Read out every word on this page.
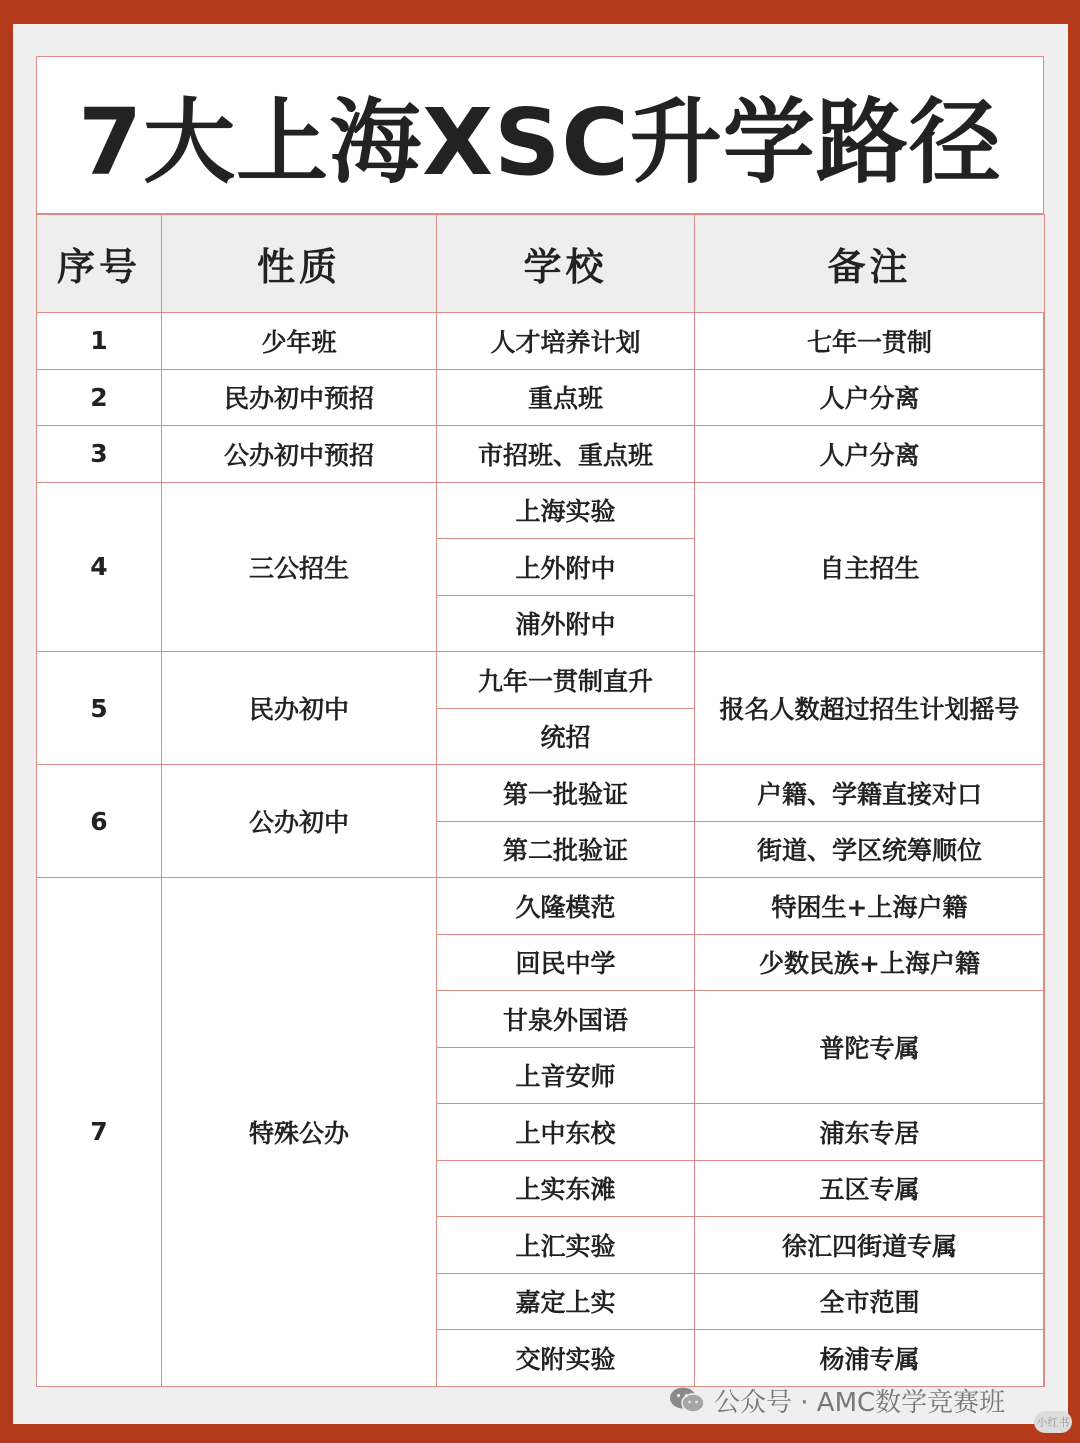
7大上海XSC升学路径
序号	性质	学校	备注
1	少年班	人才培养计划	七年一贯制
2	民办初中预招	重点班	人户分离
3	公办初中预招	市招班、重点班	人户分离
4	三公招生	上海实验	自主招生
		上外附中	
		浦外附中	
5	民办初中	九年一贯制直升	报名人数超过招生计划摇号
		统招	
6	公办初中	第一批验证	户籍、学籍直接对口
		第二批验证	街道、学区统筹顺位
7	特殊公办	久隆模范	特困生+上海户籍
		回民中学	少数民族+上海户籍
		甘泉外国语	普陀专属
		上音安师	
		上中东校	浦东专居
		上实东滩	五区专属
		上汇实验	徐汇四街道专属
		嘉定上实	全市范围
		交附实验	杨浦专属
公众号 · AMC数学竞赛班
小红书
